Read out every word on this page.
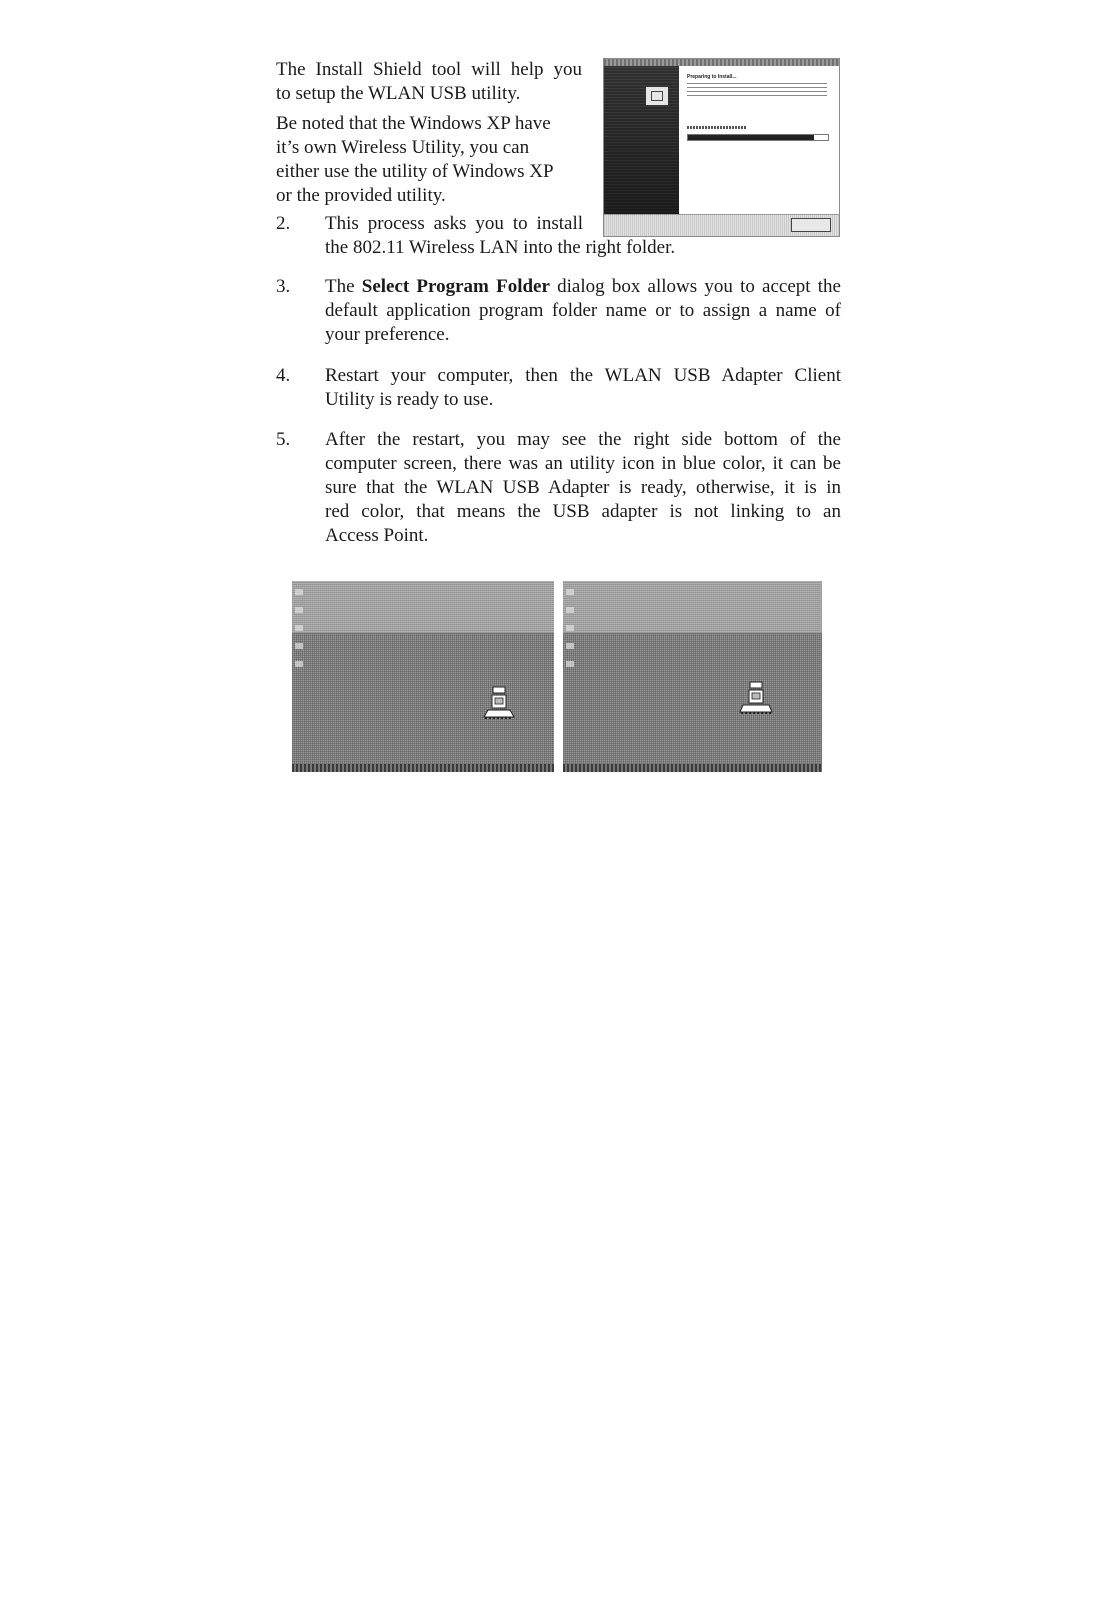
The Install Shield tool will help you

to setup the WLAN USB utility.

Be noted that the Windows XP have

it’s own Wireless Utility, you can

either use the utility of Windows XP

or the provided utility.

Preparing to Install...
2. This process asks you to install

the 802.11 Wireless LAN into the right folder.

3. The Select Program Folder dialog box allows you to accept the

default application program folder name or to assign a name of

your preference.

4. Restart your computer, then the WLAN USB Adapter Client

Utility is ready to use.

5. After the restart, you may see the right side bottom of the

computer screen, there was an utility icon in blue color, it can be

sure that the WLAN USB Adapter is ready, otherwise, it is in

red color, that means the USB adapter is not linking to an

Access Point.
